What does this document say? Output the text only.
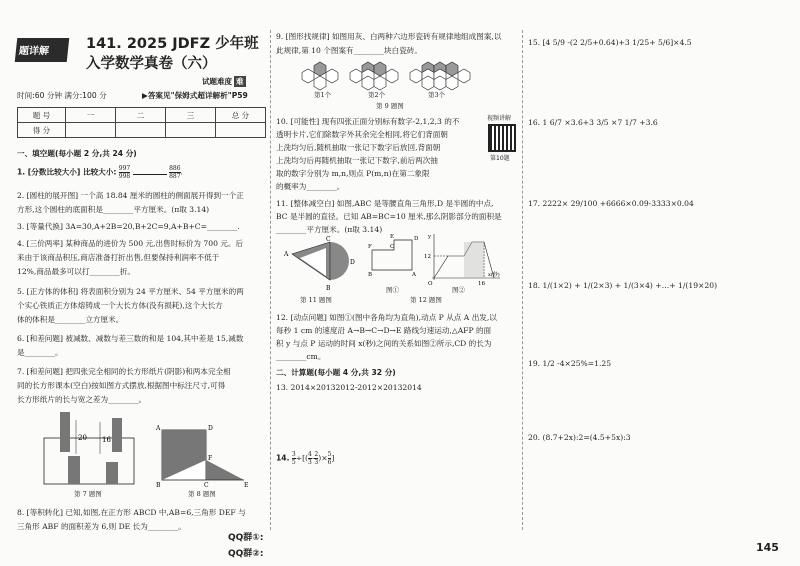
题详解	141. 2025 JDFZ 少年班
入学数学真卷（六）
试题难度 难
时间:60 分钟 满分:100 分	▶答案见"保姆式超详解析"P59
题 号	一	二	三	总 分
得 分				
一、填空题(每小题 2 分,共 24 分)
1. [分数比较大小] 比较大小: $\frac{997}{998}$	$\frac{886}{887}$ .
2. [圆柱的展开图] 一个高 18.84 厘米的圆柱的侧面展开得到一个正
方形,这个圆柱的底面积是________平方厘米。(π取 3.14)
3. [等量代换] 3A=30,A+2B=20,B+2C=9,A+B+C=________.
4. [三价两率] 某种商品的进价为 500 元,出售时标价为 700 元。后
来由于该商品积压,商店准备打折出售,但要保持利润率不低于
12%,商品最多可以打________折。
5. [正方体的体积] 将表面积分别为 24 平方厘米、54 平方厘米的两
个实心铁质正方体熔铸成一个大长方体(没有损耗),这个大长方
体的体积是________立方厘米。
6. [和差问题] 被减数、减数与差三数的和是 104,其中差是 15,减数
是________。
7. [和差问题] 把四张完全相同的长方形纸片(阴影)和两本完全相
同的长方形课本(空白)按如图方式摆放,根据图中标注尺寸,可得
长方形纸片的长与宽之差为________。
20 16
第 7 题图
A	D
B	E
C
F
第 8 题图
8. [等积转化] 已知,如图,在正方形 ABCD 中,AB=6,三角形 DEF 与
三角形 ABF 的面积差为 6,则 DE 长为________。
QQ群①:
QQ群②:
9. [图形找规律] 如图用灰、白两种六边形瓷砖有规律地组成图案,以
此规律,第 10 个图案有________块白瓷砖。
第1个	第2个	第3个
第 9 题图
10. [可能性] 现有四张正面分别标有数字-2,1,2,3 的不
透明卡片,它们除数字外其余完全相同,将它们背面朝
上洗均匀后,随机抽取一张记下数字后放回,背面朝
上洗均匀后再随机抽取一张记下数字,前后两次抽
取的数字分别为 m,n,则点 P(m,n)在第二象限
的概率为________。
视频讲解
第10题
11. [整体减空白] 如图,ABC 是等腰直角三角形,D 是半圆的中点,
BC 是半圆的直径。已知 AB=BC=10 厘米,那么阴影部分的面积是
________平方厘米。(π取 3.14)
A
B
C
D
第 11 题图
F
B
C
A
D
E	y
12
O	16
x(秒)
图①	图②
第 12 题图
12. [动点问题] 如图①(图中各角均为直角),动点 P 从点 A 出发,以
每秒 1 cm 的速度沿 A→B→C→D→E 路线匀速运动,△AFP 的面
积 y 与点 P 运动的时间 x(秒)之间的关系如图②所示,CD 的长为
________cm。
二、计算题(每小题 4 分,共 32 分)
13. 2014×20132012-2012×20132014
14. $\frac{3}{5} \div[(\frac{4}{3} -\frac{2}{3} )\times\frac{5}{6}$ ]
15. [4 5/9 -(2 2/5+0.64)+3 1/25+ 5/6]×4.5
16. 1 6/7 ×3.6+3 3/5 ×7 1/7 +3.6
17. 2222× 29/100 +6666×0.09-3333×0.04
18. 1/(1×2) + 1/(2×3) + 1/(3×4) +…+ 1/(19×20)
19. 1/2 -4×25%=1.25
20. (8.7+2x):2=(4.5+5x):3
145
